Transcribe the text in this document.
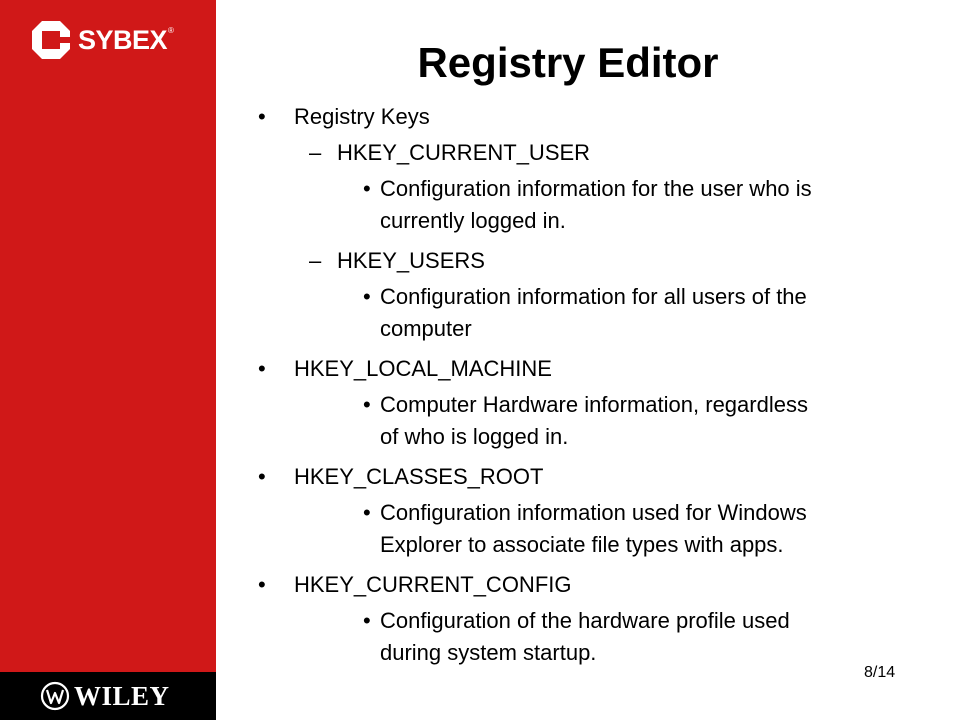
SYBEX ®
WILEY
Registry Editor
• Registry Keys
– HKEY_CURRENT_USER
• Configuration information for the user who is
currently logged in.
– HKEY_USERS
• Configuration information for all users of the
computer
• HKEY_LOCAL_MACHINE
• Computer Hardware information, regardless
of who is logged in.
• HKEY_CLASSES_ROOT
• Configuration information used for Windows
Explorer to associate file types with apps.
• HKEY_CURRENT_CONFIG
• Configuration of the hardware profile used
during system startup.
8/14
